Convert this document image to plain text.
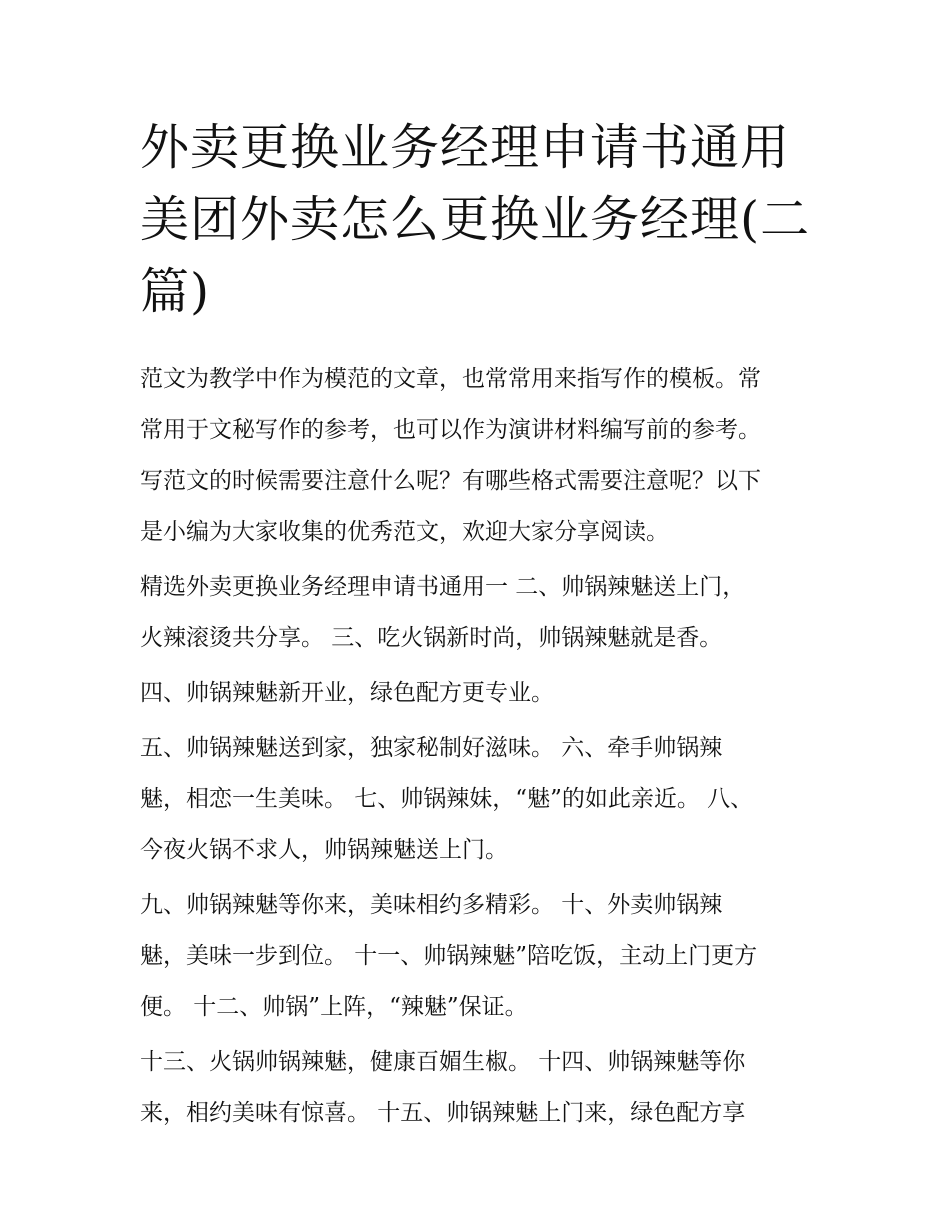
外卖更换业务经理申请书通用
美团外卖怎么更换业务经理(二
篇)
范文为教学中作为模范的文章，也常常用来指写作的模板。常
常用于文秘写作的参考，也可以作为演讲材料编写前的参考。
写范文的时候需要注意什么呢？有哪些格式需要注意呢？以下
是小编为大家收集的优秀范文，欢迎大家分享阅读。
精选外卖更换业务经理申请书通用一 二、帅锅辣魅送上门，
火辣滚烫共分享。 三、吃火锅新时尚，帅锅辣魅就是香。
四、帅锅辣魅新开业，绿色配方更专业。
五、帅锅辣魅送到家，独家秘制好滋味。 六、牵手帅锅辣
魅，相恋一生美味。 七、帅锅辣妹，“魅”的如此亲近。 八、
今夜火锅不求人，帅锅辣魅送上门。
九、帅锅辣魅等你来，美味相约多精彩。 十、外卖帅锅辣
魅，美味一步到位。 十一、帅锅辣魅”陪吃饭，主动上门更方
便。 十二、帅锅”上阵，“辣魅”保证。
十三、火锅帅锅辣魅，健康百媚生椒。 十四、帅锅辣魅等你
来，相约美味有惊喜。 十五、帅锅辣魅上门来，绿色配方享
